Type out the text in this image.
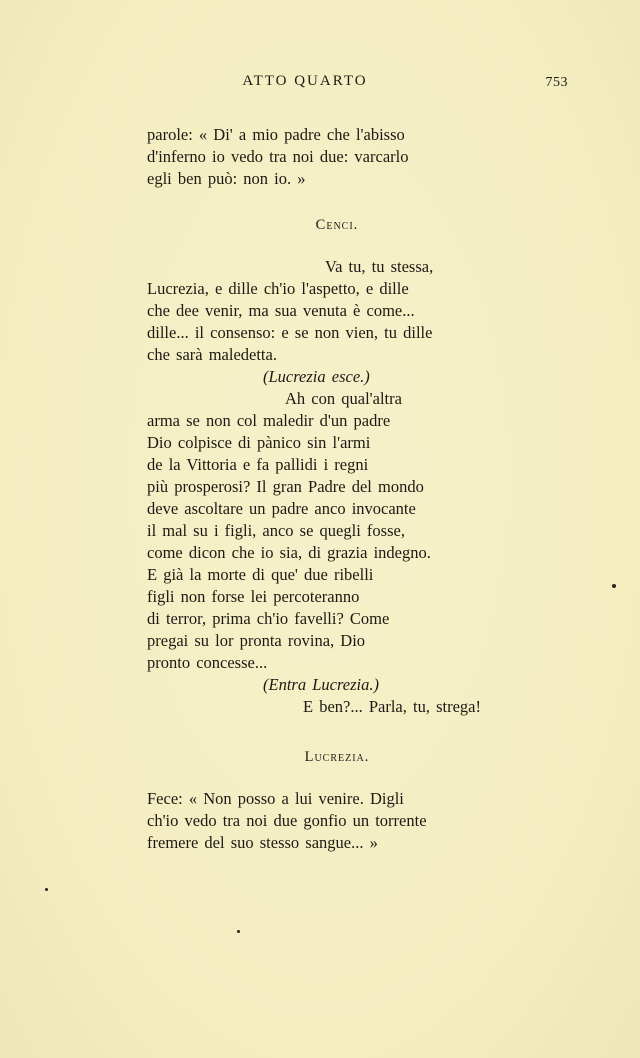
ATTO QUARTO	753
parole: « Di' a mio padre che l'abisso
d'inferno io vedo tra noi due: varcarlo
egli ben può: non io. »
Cenci.
Va tu, tu stessa,
Lucrezia, e dille ch'io l'aspetto, e dille
che dee venir, ma sua venuta è come...
dille... il consenso: e se non vien, tu dille
che sarà maledetta.
(Lucrezia esce.)
Ah con qual'altra
arma se non col maledir d'un padre
Dio colpisce di pànico sin l'armi
de la Vittoria e fa pallidi i regni
più prosperosi? Il gran Padre del mondo
deve ascoltare un padre anco invocante
il mal su i figli, anco se quegli fosse,
come dicon che io sia, di grazia indegno.
E già la morte di que' due ribelli
figli non forse lei percoteranno
di terror, prima ch'io favelli? Come
pregai su lor pronta rovina, Dio
pronto concesse...
(Entra Lucrezia.)
E ben?... Parla, tu, strega!
Lucrezia.
Fece: « Non posso a lui venire. Digli
ch'io vedo tra noi due gonfio un torrente
fremere del suo stesso sangue... »
